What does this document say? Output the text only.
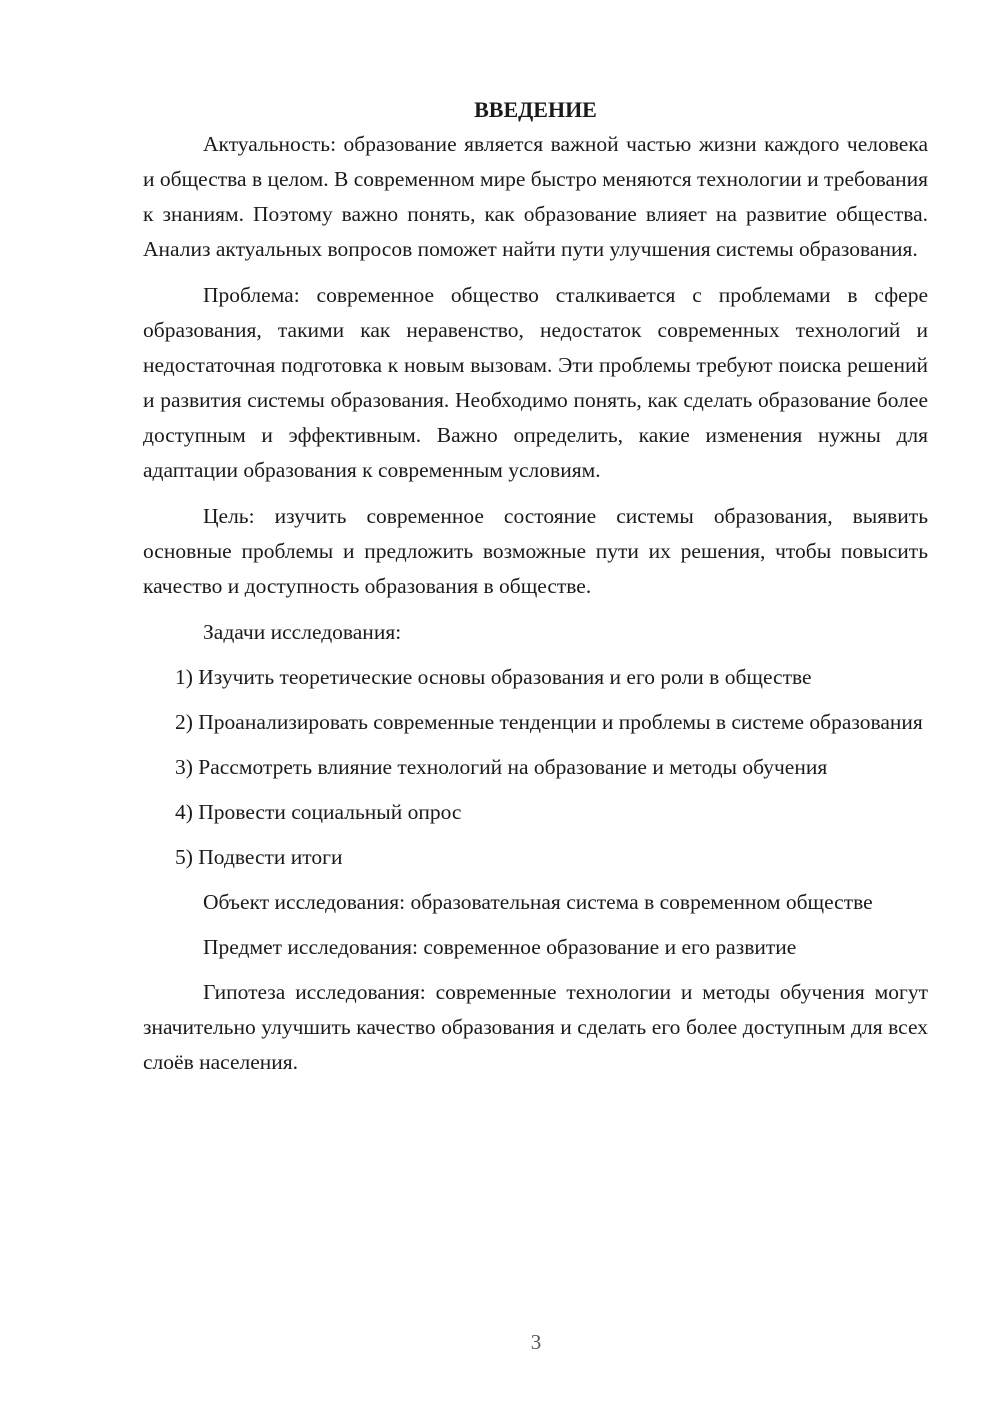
ВВЕДЕНИЕ

Актуальность: образование является важной частью жизни каждого человека и общества в целом. В современном мире быстро меняются технологии и требования к знаниям. Поэтому важно понять, как образование влияет на развитие общества. Анализ актуальных вопросов поможет найти пути улучшения системы образования.

Проблема: современное общество сталкивается с проблемами в сфере образования, такими как неравенство, недостаток современных технологий и недостаточная подготовка к новым вызовам. Эти проблемы требуют поиска решений и развития системы образования. Необходимо понять, как сделать образование более доступным и эффективным. Важно определить, какие изменения нужны для адаптации образования к современным условиям.

Цель: изучить современное состояние системы образования, выявить основные проблемы и предложить возможные пути их решения, чтобы повысить качество и доступность образования в обществе.

Задачи исследования:

1) Изучить теоретические основы образования и его роли в обществе

2) Проанализировать современные тенденции и проблемы в системе образования

3) Рассмотреть влияние технологий на образование и методы обучения

4) Провести социальный опрос

5) Подвести итоги

Объект исследования: образовательная система в современном обществе

Предмет исследования: современное образование и его развитие

Гипотеза исследования: современные технологии и методы обучения могут значительно улучшить качество образования и сделать его более доступным для всех слоёв населения.

3
